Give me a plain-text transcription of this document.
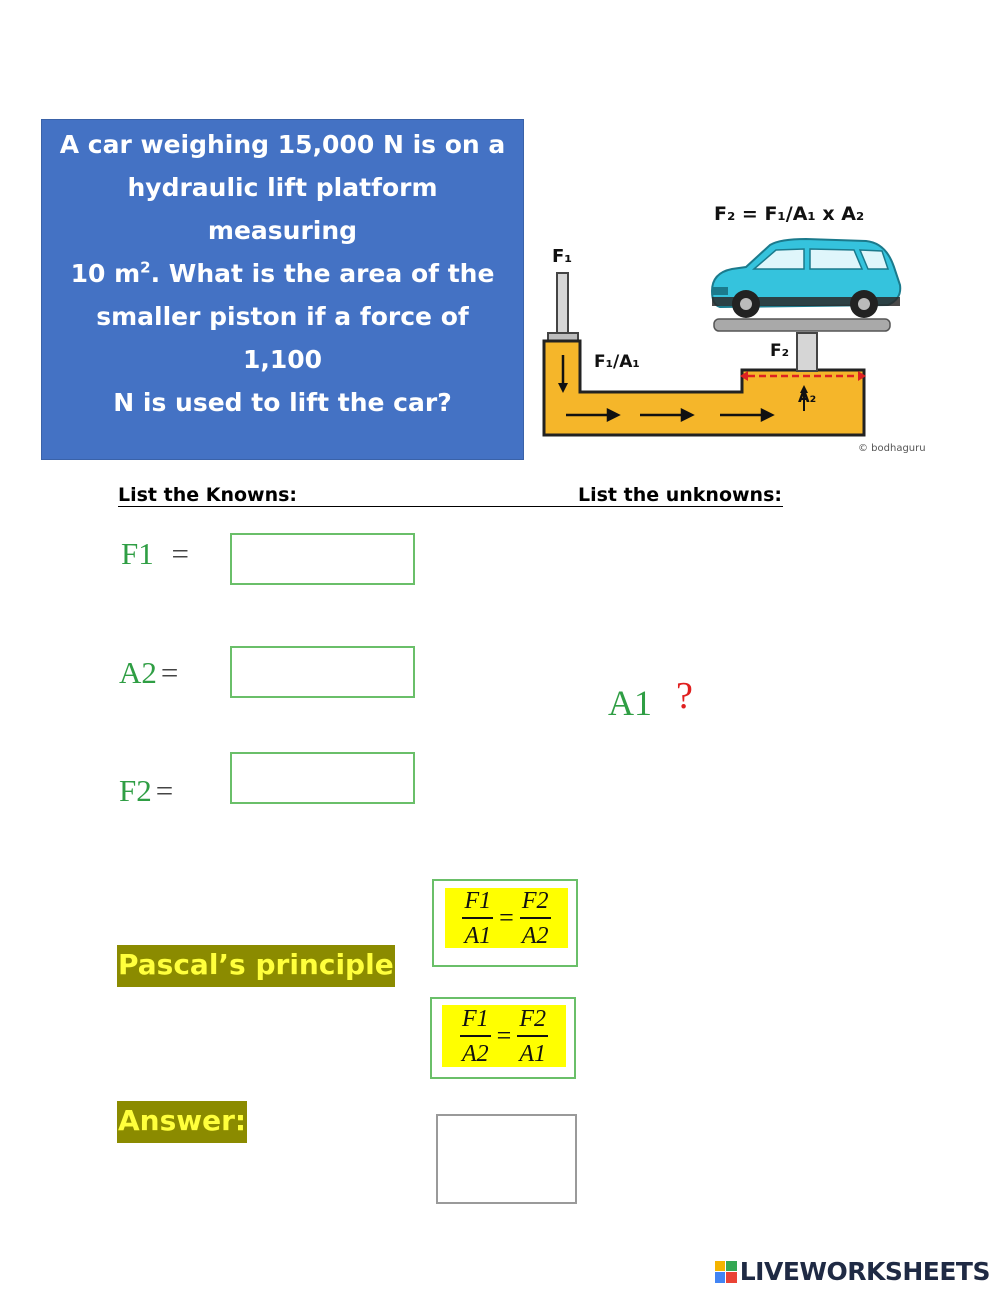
A car weighing 15,000 N is on a
hydraulic lift platform measuring
10 $m^2$. What is the area of the
smaller piston if a force of 1,100
N is used to lift the car?
F₂ = F₁/A₁ x A₂
F₁
F₁/A₁
F₂
A₂
© bodhaguru
List the Knowns:	List the unknowns:
F1 =
A2 =
F2 =
A1 ?
$\frac{F1}{A1} = \frac{F2}{A2}$
Pascal’s principle
$\frac{F1}{A2} = \frac{F2}{A1}$
Answer:
LIVEWORKSHEETS
